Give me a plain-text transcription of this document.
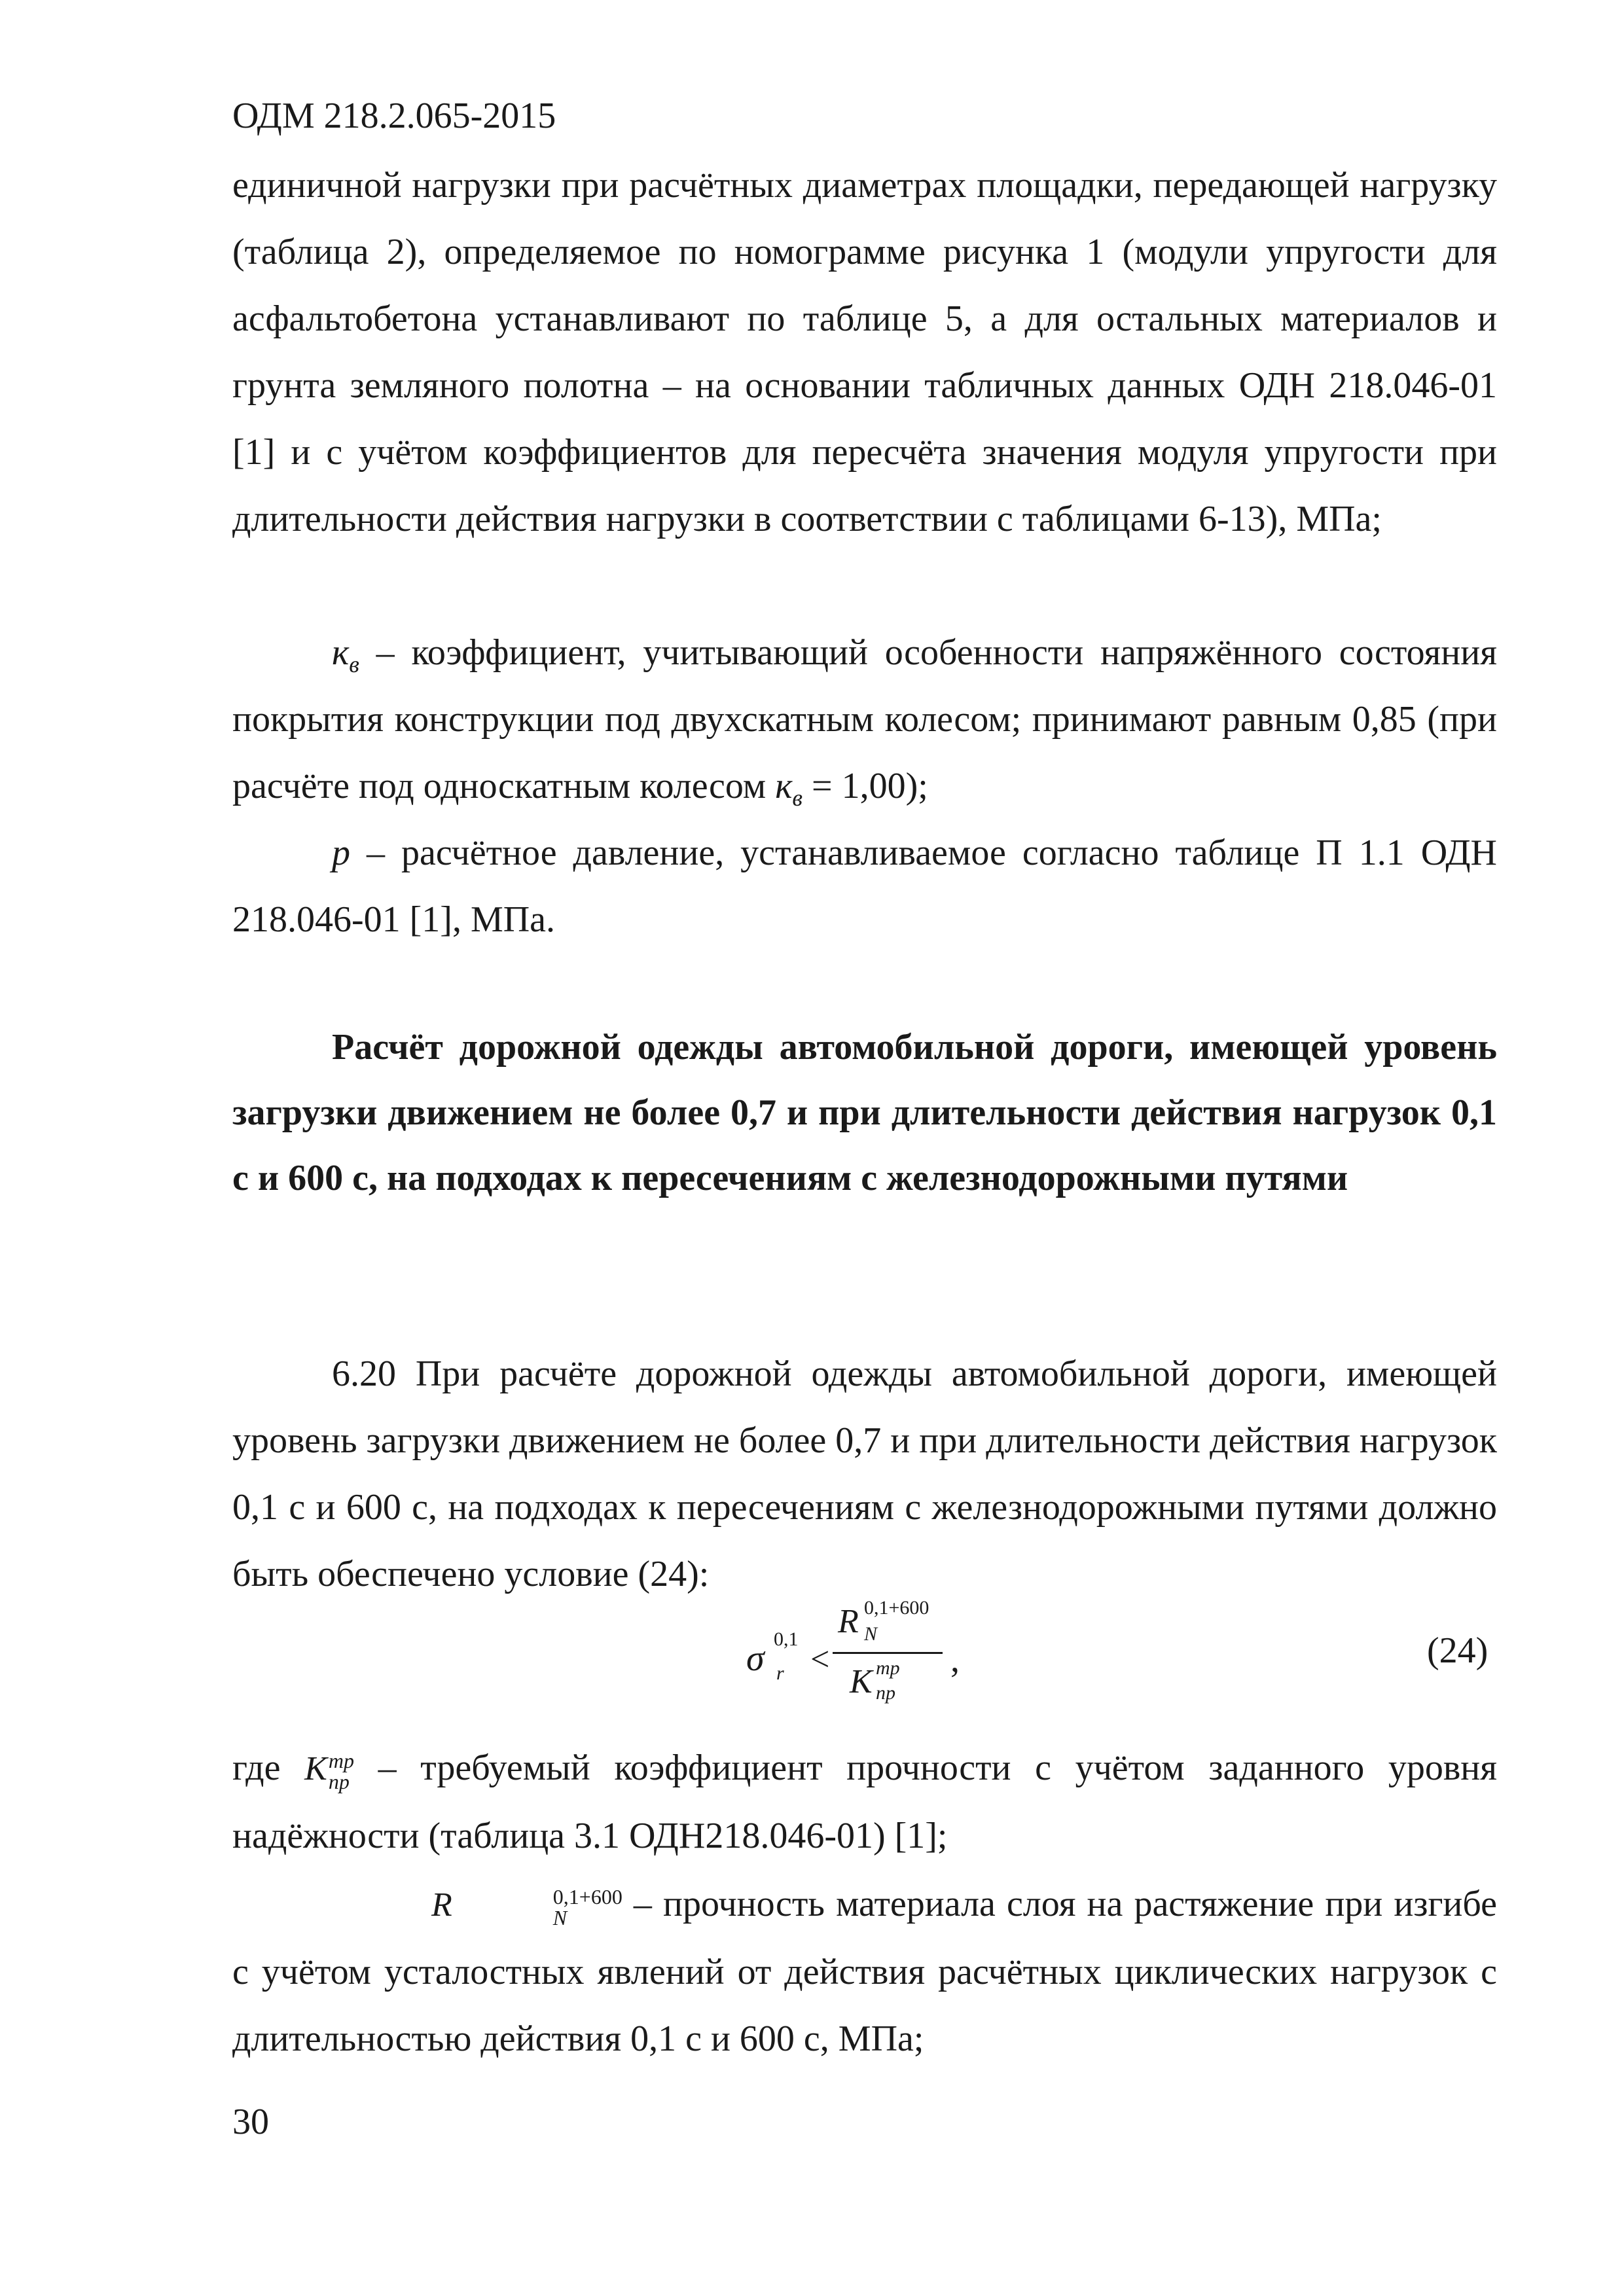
ОДМ 218.2.065-2015
единичной нагрузки при расчётных диаметрах площадки, передающей нагрузку (таблица 2), определяемое по номограмме рисунка 1 (модули упругости для асфальтобетона устанавливают по таблице 5, а для остальных материалов и грунта земляного полотна – на основании табличных данных ОДН 218.046-01 [1] и с учётом коэффициентов для пересчёта значения модуля упругости при длительности действия нагрузки в соответствии с таблицами 6-13), МПа;
$к_в$ – коэффициент, учитывающий особенности напряжённого состояния покрытия конструкции под двухскатным колесом; принимают равным 0,85 (при расчёте под односкатным колесом $к_в = 1,00$);
p – расчётное давление, устанавливаемое согласно таблице П 1.1 ОДН 218.046-01 [1], МПа.
Расчёт дорожной одежды автомобильной дороги, имеющей уровень загрузки движением не более 0,7 и при длительности действия нагрузок 0,1 с и 600 с, на подходах к пересечениям с железнодорожными путями
6.20 При расчёте дорожной одежды автомобильной дороги, имеющей уровень загрузки движением не более 0,7 и при длительности действия нагрузок 0,1 с и 600 с, на подходах к пересечениям с железнодорожными путями должно быть обеспечено условие (24):
σ 0,1
r <
R 0,1+600
N
K тр
пр
,	(24)
где K тр
пр – требуемый коэффициент прочности с учётом заданного уровня надёжности (таблица 3.1 ОДН218.046-01) [1];
R	0,1+600
N	– прочность материала слоя на растяжение при изгибе с учётом усталостных явлений от действия расчётных циклических нагрузок с длительностью действия 0,1 с и 600 с, МПа;
30
